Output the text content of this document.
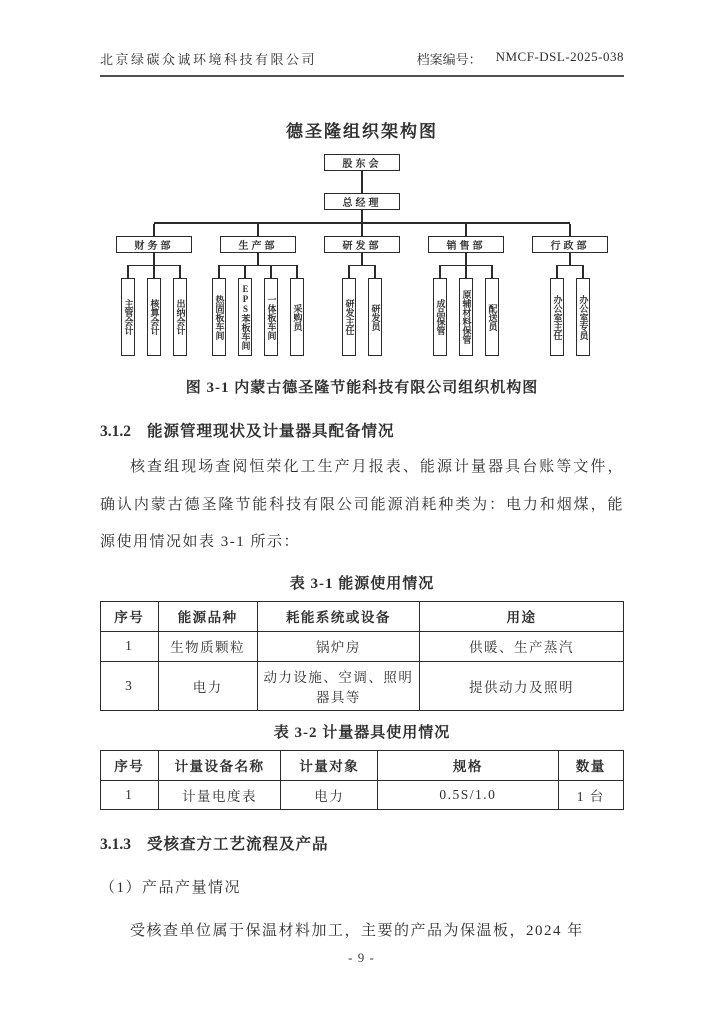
北京绿碳众诚环境科技有限公司	档案编号： NMCF-DSL-2025-038
德圣隆组织架构图
股东会
总经理
财务部
主管会计 核算会计 出纳会计
生产部
热固板车间 EPS苯板车间 一体板车间 采购员
研发部
研发主任 研发员
销售部
成品保管 原辅材料保管 配送员
行政部
办公室主任 办公室专员
图 3-1 内蒙古德圣隆节能科技有限公司组织机构图
3.1.2 能源管理现状及计量器具配备情况
核查组现场查阅恒荣化工生产月报表、能源计量器具台账等文件，确认内蒙古德圣隆节能科技有限公司能源消耗种类为：电力和烟煤，能源使用情况如表 3-1 所示：
表 3-1 能源使用情况
序号	能源品种	耗能系统或设备	用途
1	生物质颗粒	锅炉房	供暖、生产蒸汽
3	电力	动力设施、空调、照明器具等	提供动力及照明
表 3-2 计量器具使用情况
序号	计量设备名称	计量对象	规格	数量
1	计量电度表	电力	0.5S/1.0	1 台
3.1.3 受核查方工艺流程及产品
（1）产品产量情况
受核查单位属于保温材料加工，主要的产品为保温板，2024 年
- 9 -
